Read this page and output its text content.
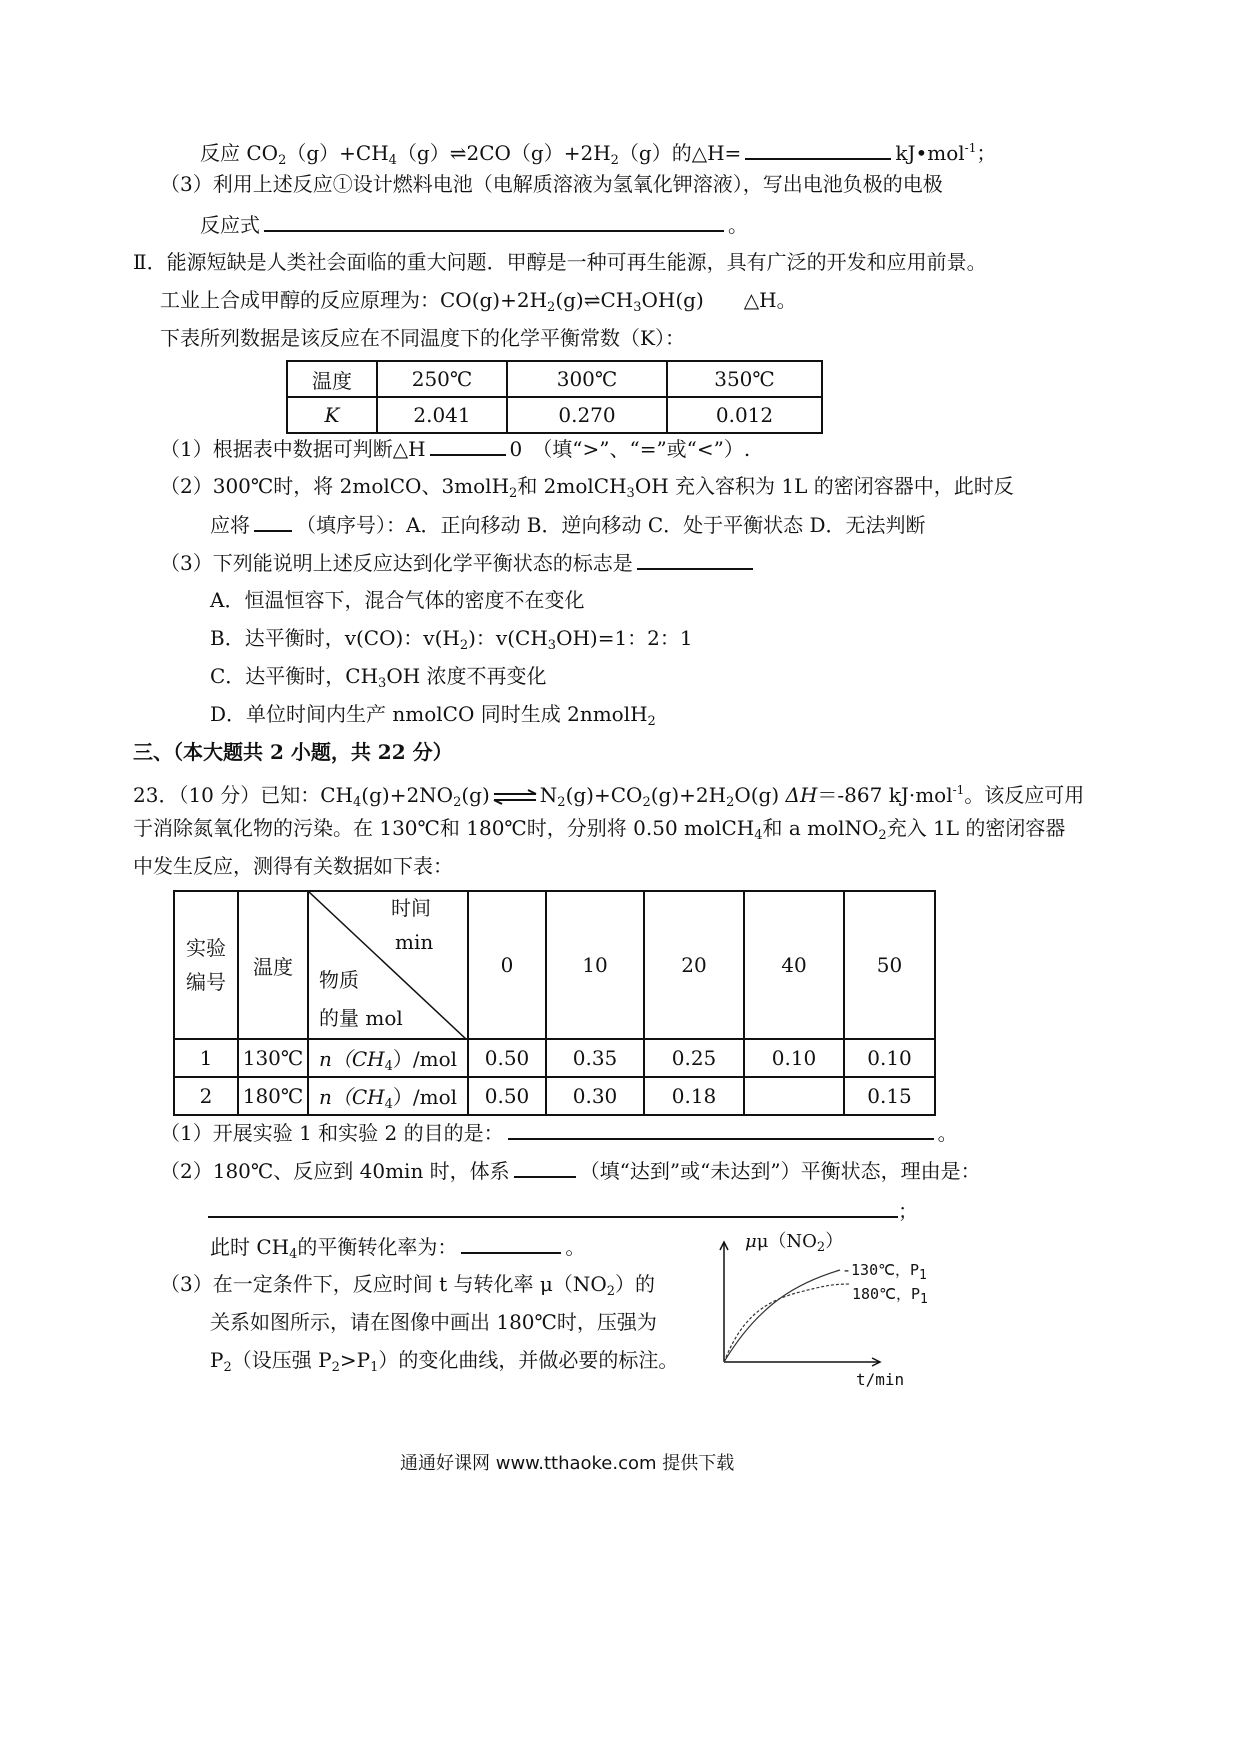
反应 $CO_2(g)+CH_4(g)\rightleftharpoons 2CO(g)+2H_2(g)$的△H=	kJ•mol$^{-1}$；
（3）利用上述反应①设计燃料电池（电解质溶液为氢氧化钾溶液），写出电池负极的电极
反应式	。
Ⅱ．能源短缺是人类社会面临的重大问题．甲醇是一种可再生能源，具有广泛的开发和应用前景。
工业上合成甲醇的反应原理为：$CO(g)+2H_2(g)\rightleftharpoons CH_3OH(g)$ △H。
下表所列数据是该反应在不同温度下的化学平衡常数（K）：
温度	250℃	300℃	350℃
K	2.041	0.270	0.012
（1）根据表中数据可判断△H	0　（填“>”、“=”或“<”）.
（2）300℃时，将 2molCO、3molH$_2$和 2molCH$_3$OH 充入容积为 1L 的密闭容器中，此时反
应将 （填序号）：A．正向移动 B．逆向移动 C．处于平衡状态 D．无法判断
（3）下列能说明上述反应达到化学平衡状态的标志是
A．恒温恒容下，混合气体的密度不在变化
B．达平衡时，v(CO)：$v(H_2)$：$v(CH_3OH)=1$：2：1
C．达平衡时，$CH_3OH$ 浓度不再变化
D．单位时间内生产 nmolCO 同时生成 2nmolH$_2$
三、（本大题共 2 小题，共 22 分）
23．（10 分）已知：$CH_4(g)+2NO_2(g)$ ⇌ $N_2(g)+CO_2(g)+2H_2O(g)$ ΔH＝-867 kJ·mol$^{-1}$。该反应可用
于消除氮氧化物的污染。在 130℃和 180℃时，分别将 0.50 molCH$_4$和 a molNO$_2$充入 1L 的密闭容器
中发生反应，测得有关数据如下表：
实验
编号	温度	时间
min
物质
的量 mol	0	10	20	40	50
1	130℃	$n(CH_4)$/mol	0.50	0.35	0.25	0.10	0.10
2	180℃	$n(CH_4)$/mol	0.50	0.30	0.18		0.15
（1）开展实验 1 和实验 2 的目的是：	。
（2）180℃、反应到 40min 时，体系	（填“达到”或“未达到”）平衡状态，理由是：
；
此时 $CH_4$的平衡转化率为：	。
（3）在一定条件下，反应时间 t 与转化率 $\mu(NO_2)$的
关系如图所示，请在图像中画出 180℃时，压强为
$P_2$（设压强 $P_2>P_1$）的变化曲线，并做必要的标注。
$\mu\mu(NO_2)$
-130℃，$P_1$
180℃，$P_1$
t/min
通通好课网 www.tthaoke.com 提供下载
